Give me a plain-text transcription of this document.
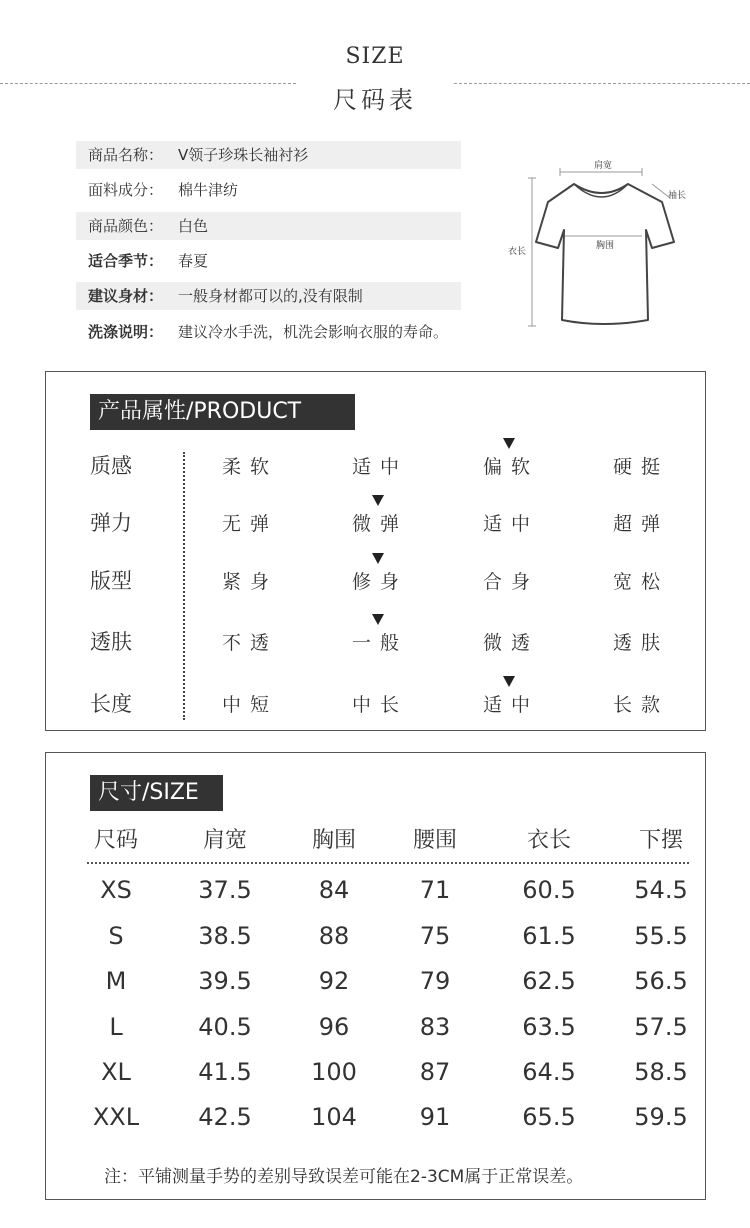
SIZE
尺码表
商品名称： V领子珍珠长袖衬衫
面料成分： 棉牛津纺
商品颜色： 白色
适合季节： 春夏
建议身材： 一般身材都可以的,没有限制
洗涤说明： 建议冷水手洗，机洗会影响衣服的寿命。
肩宽
袖长
衣长
胸围
产品属性/PRODUCT
质感	柔软	适中	偏软	硬挺
弹力	无弹	微弹	适中	超弹
版型	紧身	修身	合身	宽松
透肤	不透	一般	微透	透肤
长度	中短	中长	适中	长款
尺寸/SIZE
尺码	肩宽	胸围	腰围	衣长	下摆
XS	37.5	84	71	60.5	54.5
S	38.5	88	75	61.5	55.5
M	39.5	92	79	62.5	56.5
L	40.5	96	83	63.5	57.5
XL	41.5	100	87	64.5	58.5
XXL	42.5	104	91	65.5	59.5
注：平铺测量手势的差别导致误差可能在2-3CM属于正常误差。
